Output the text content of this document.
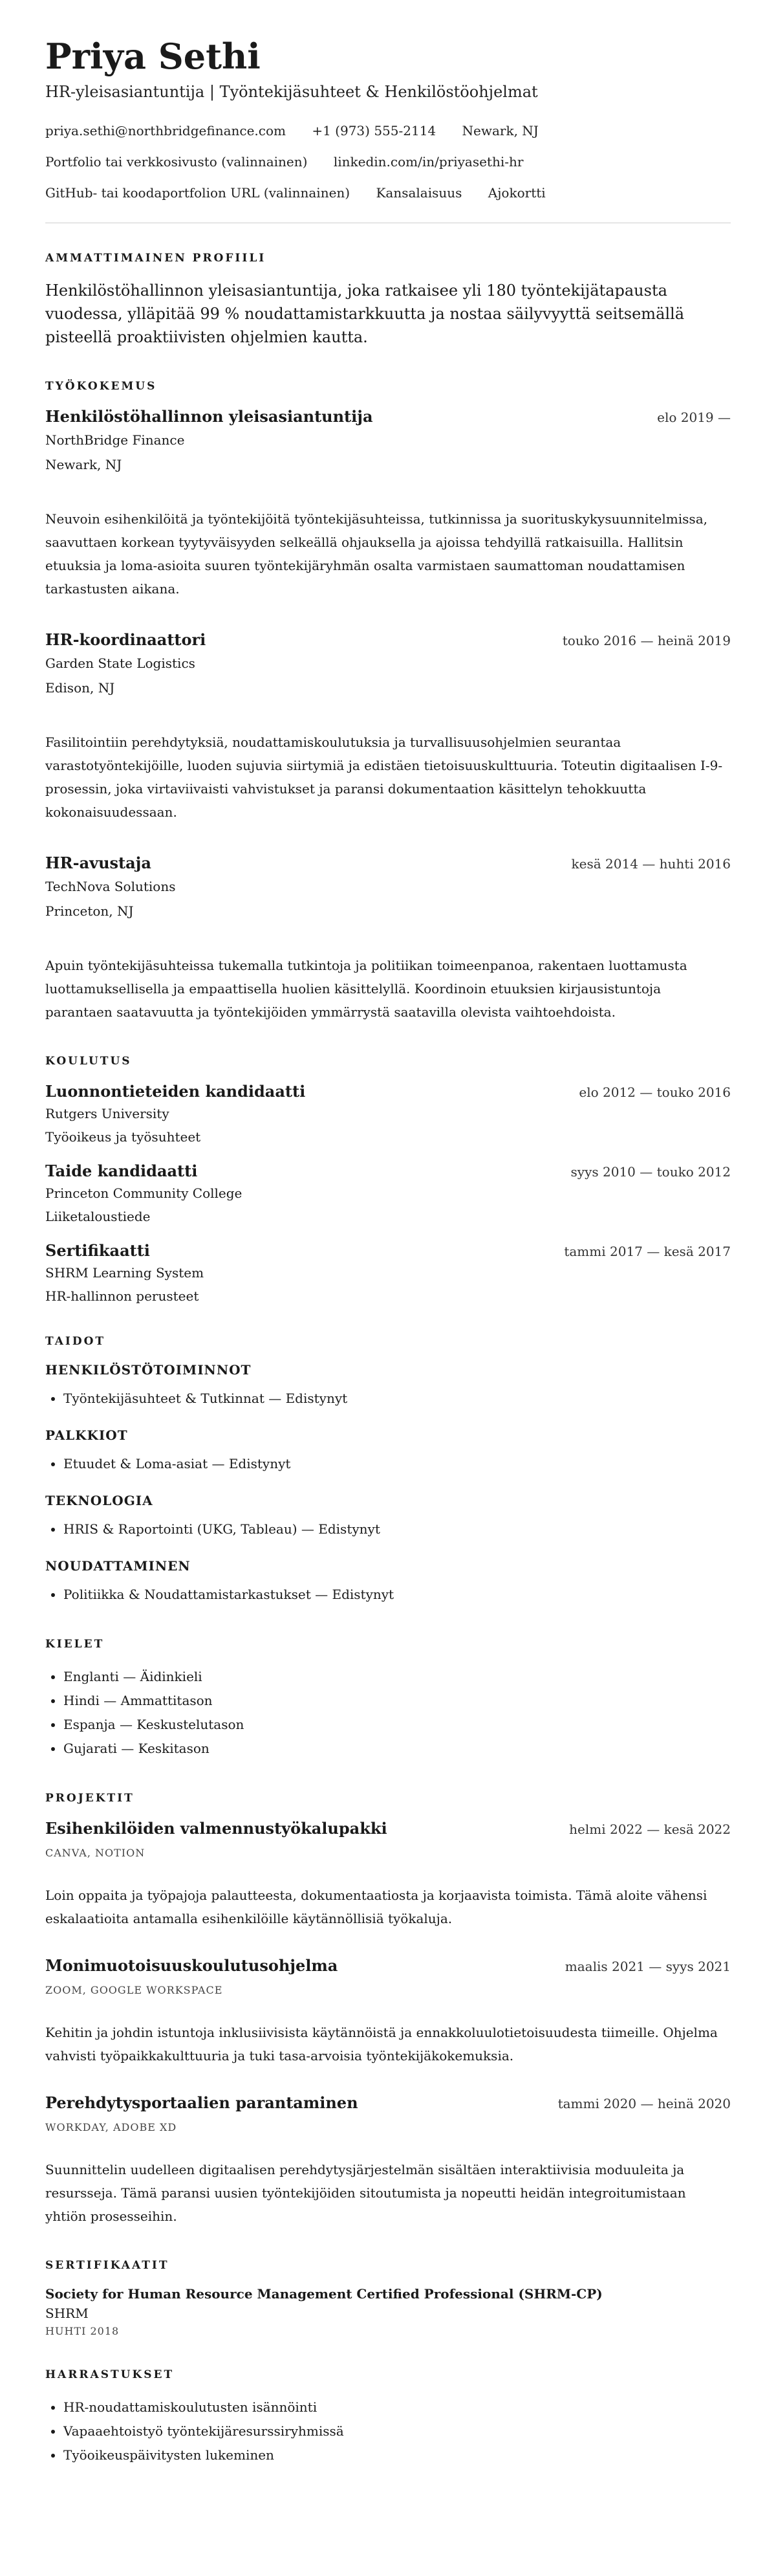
Priya Sethi
HR-yleisasiantuntija | Työntekijäsuhteet & Henkilöstöohjelmat
priya.sethi@northbridgefinance.com +1 (973) 555-2114 Newark, NJ
Portfolio tai verkkosivusto (valinnainen) linkedin.com/in/priyasethi-hr
GitHub- tai koodaportfolion URL (valinnainen) Kansalaisuus Ajokortti
AMMATTIMAINEN PROFIILI

Henkilöstöhallinnon yleisasiantuntija, joka ratkaisee yli 180 työntekijätapausta vuodessa, ylläpitää 99 % noudattamistarkkuutta ja nostaa säilyvyyttä seitsemällä pisteellä proaktiivisten ohjelmien kautta.

TYÖKOKEMUS
Henkilöstöhallinnon yleisasiantuntija	elo 2019 —
NorthBridge Finance
Newark, NJ
Neuvoin esihenkilöitä ja työntekijöitä työntekijäsuhteissa, tutkinnissa ja suorituskykysuunnitelmissa, saavuttaen korkean tyytyväisyyden selkeällä ohjauksella ja ajoissa tehdyillä ratkaisuilla. Hallitsin etuuksia ja loma-asioita suuren työntekijäryhmän osalta varmistaen saumattoman noudattamisen tarkastusten aikana.
HR-koordinaattori	touko 2016 — heinä 2019
Garden State Logistics
Edison, NJ
Fasilitointiin perehdytyksiä, noudattamiskoulutuksia ja turvallisuusohjelmien seurantaa varastotyöntekijöille, luoden sujuvia siirtymiä ja edistäen tietoisuuskulttuuria. Toteutin digitaalisen I-9-prosessin, joka virtaviivaisti vahvistukset ja paransi dokumentaation käsittelyn tehokkuutta kokonaisuudessaan.
HR-avustaja	kesä 2014 — huhti 2016
TechNova Solutions
Princeton, NJ
Apuin työntekijäsuhteissa tukemalla tutkintoja ja politiikan toimeenpanoa, rakentaen luottamusta luottamuksellisella ja empaattisella huolien käsittelyllä. Koordinoin etuuksien kirjausistuntoja parantaen saatavuutta ja työntekijöiden ymmärrystä saatavilla olevista vaihtoehdoista.
KOULUTUS
Luonnontieteiden kandidaatti	elo 2012 — touko 2016
Rutgers University
Työoikeus ja työsuhteet
Taide kandidaatti	syys 2010 — touko 2012
Princeton Community College
Liiketaloustiede
Sertifikaatti	tammi 2017 — kesä 2017
SHRM Learning System
HR-hallinnon perusteet
TAIDOT
HENKILÖSTÖTOIMINNOT
• Työntekijäsuhteet & Tutkinnat — Edistynyt
PALKKIOT
• Etuudet & Loma-asiat — Edistynyt
TEKNOLOGIA
• HRIS & Raportointi (UKG, Tableau) — Edistynyt
NOUDATTAMINEN
• Politiikka & Noudattamistarkastukset — Edistynyt
KIELET
• Englanti — Äidinkieli
• Hindi — Ammattitason
• Espanja — Keskustelutason
• Gujarati — Keskitason
PROJEKTIT
Esihenkilöiden valmennustyökalupakki	helmi 2022 — kesä 2022
CANVA, NOTION
Loin oppaita ja työpajoja palautteesta, dokumentaatiosta ja korjaavista toimista. Tämä aloite vähensi eskalaatioita antamalla esihenkilöille käytännöllisiä työkaluja.
Monimuotoisuuskoulutusohjelma	maalis 2021 — syys 2021
ZOOM, GOOGLE WORKSPACE
Kehitin ja johdin istuntoja inklusiivisista käytännöistä ja ennakkoluulotietoisuudesta tiimeille. Ohjelma vahvisti työpaikkakulttuuria ja tuki tasa-arvoisia työntekijäkokemuksia.
Perehdytysportaalien parantaminen	tammi 2020 — heinä 2020
WORKDAY, ADOBE XD
Suunnittelin uudelleen digitaalisen perehdytysjärjestelmän sisältäen interaktiivisia moduuleita ja resursseja. Tämä paransi uusien työntekijöiden sitoutumista ja nopeutti heidän integroitumistaan yhtiön prosesseihin.
SERTIFIKAATIT
Society for Human Resource Management Certified Professional (SHRM-CP)
SHRM
HUHTI 2018
HARRASTUKSET
• HR-noudattamiskoulutusten isännöinti
• Vapaaehtoistyö työntekijäresurssiryhmissä
• Työoikeuspäivitysten lukeminen
